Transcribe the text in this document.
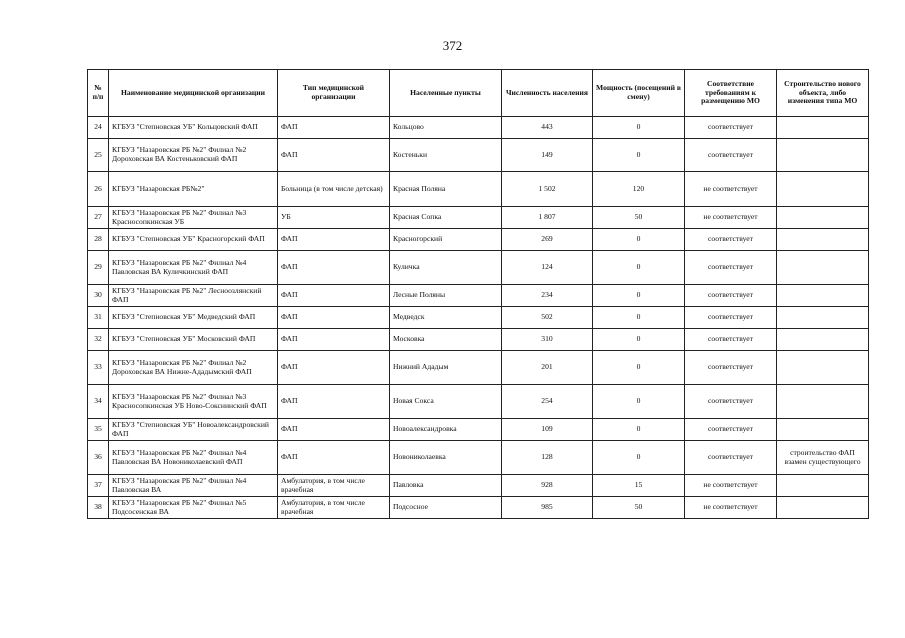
372
№ п/п	Наименование медицинской организации	Тип медицинской организации	Населенные пункты	Численность населения	Мощность (посещений в смену)	Соответствие требованиям к размещению МО	Строительство нового объекта, либо изменения типа МО
24	КГБУЗ "Степновская УБ" Кольцовский ФАП	ФАП	Кольцово	443	0	соответствует	
25	КГБУЗ "Назаровская РБ №2" Филиал №2 Дороховская ВА Костеньковский ФАП	ФАП	Костеньки	149	0	соответствует	
26	КГБУЗ "Назаровская РБ№2"	Больница (в том числе детская)	Красная Поляна	1 502	120	не соответствует	
27	КГБУЗ "Назаровская РБ №2" Филиал №3 Красносопкинская УБ	УБ	Красная Сопка	1 807	50	не соответствует	
28	КГБУЗ "Степновская УБ" Красногорский ФАП	ФАП	Красногорский	269	0	соответствует	
29	КГБУЗ "Назаровская РБ №2" Филиал №4 Павловская ВА Куличкинский ФАП	ФАП	Куличка	124	0	соответствует	
30	КГБУЗ "Назаровская РБ №2" Лесноозлянский ФАП	ФАП	Лесные Поляны	234	0	соответствует	
31	КГБУЗ "Степновская УБ" Медведский ФАП	ФАП	Медведск	502	0	соответствует	
32	КГБУЗ "Степновская УБ" Московский ФАП	ФАП	Московка	310	0	соответствует	
33	КГБУЗ "Назаровская РБ №2" Филиал №2 Дороховская ВА Нижне-Ададымский ФАП	ФАП	Нижний Ададым	201	0	соответствует	
34	КГБУЗ "Назаровская РБ №2" Филиал №3 Красносопкинская УБ Ново-Сокснинский ФАП	ФАП	Новая Сокса	254	0	соответствует	
35	КГБУЗ "Степновская УБ" Новоалександровский ФАП	ФАП	Новоалександровка	109	0	соответствует	
36	КГБУЗ "Назаровская РБ №2" Филиал №4 Павловская ВА Новониколаевский ФАП	ФАП	Новониколаевка	128	0	соответствует	строительство ФАП взамен существующего
37	КГБУЗ "Назаровская РБ №2" Филиал №4 Павловская ВА	Амбулатория, в том числе врачебная	Павловка	928	15	не соответствует	
38	КГБУЗ "Назаровская РБ №2" Филиал №5 Подсосенская ВА	Амбулатория, в том числе врачебная	Подсосное	985	50	не соответствует	
